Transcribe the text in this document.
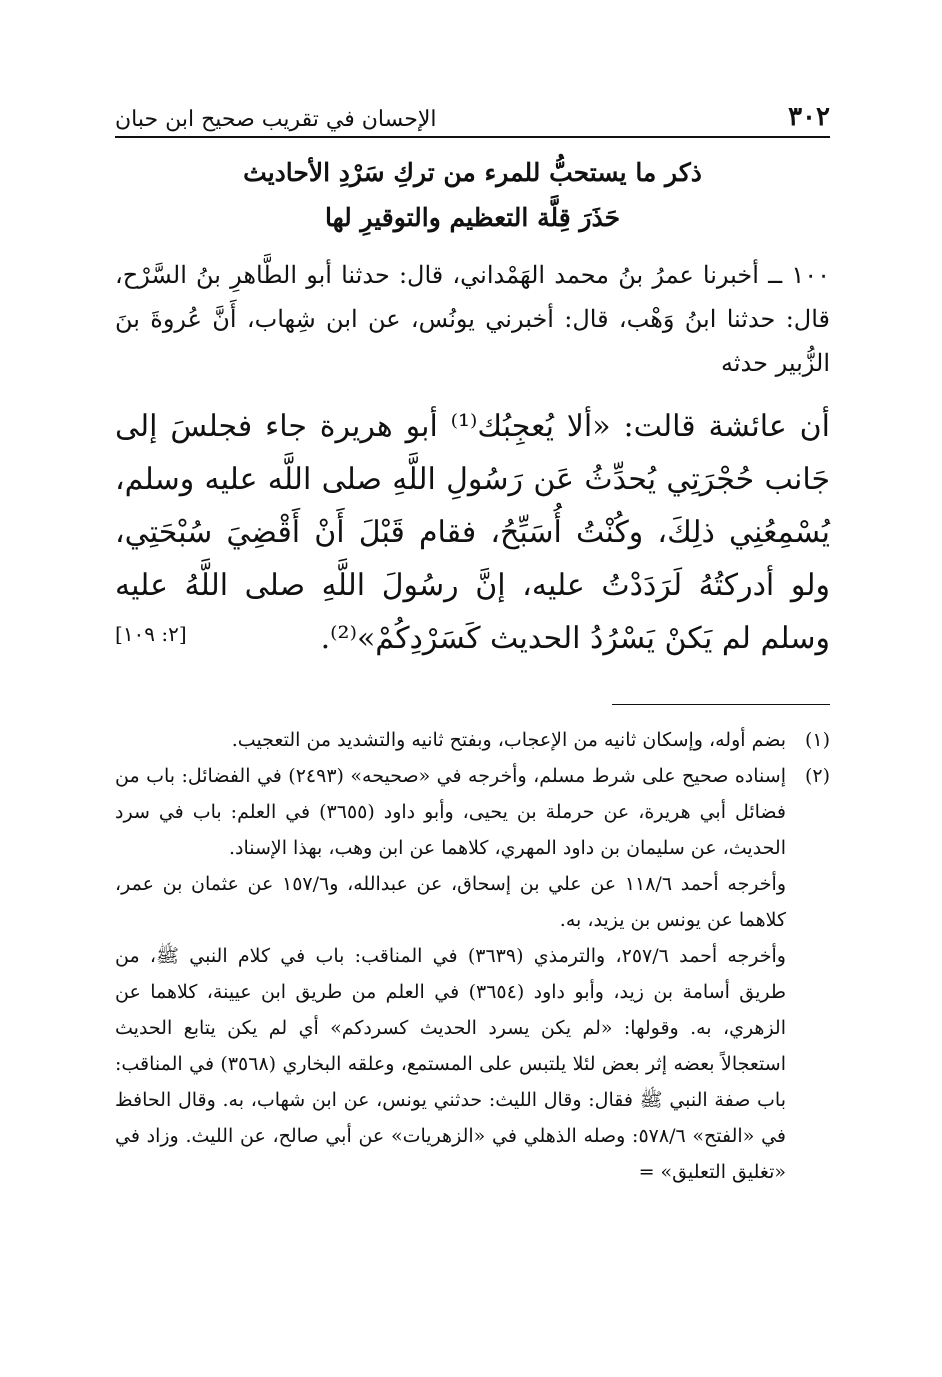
٣٠٢
الإحسان في تقريب صحيح ابن حبان
ذكر ما يستحبُّ للمرء من تركِ سَرْدِ الأحاديث
حَذَرَ قِلَّة التعظيم والتوقيرِ لها
١٠٠ ــ أخبرنا عمرُ بنُ محمد الهَمْداني، قال: حدثنا أبو الطَّاهرِ بنُ السَّرْح، قال: حدثنا ابنُ وَهْب، قال: أخبرني يونُس، عن ابن شِهاب، أَنَّ عُروةَ بنَ الزُّبير حدثه
أن عائشة قالت: «ألا يُعجِبُك⁽¹⁾ أبو هريرة جاء فجلسَ إلى جَانب حُجْرَتِي يُحدِّثُ عَن رَسُولِ اللَّهِ صلى اللَّه عليه وسلم، يُسْمِعُنِي ذلِكَ، وكُنْتُ أُسَبِّحُ، فقام قَبْلَ أَنْ أَقْضِيَ سُبْحَتِي، ولو أدركتُهُ لَرَدَدْتُ عليه، إنَّ رسُولَ اللَّهِ صلى اللَّهُ عليه وسلم لم يَكنْ يَسْرُدُ الحديث كَسَرْدِكُمْ»⁽²⁾.
[٢: ١٠٩]
(١)

بضم أوله، وإسكان ثانيه من الإعجاب، وبفتح ثانيه والتشديد من التعجيب.

(٢)

إسناده صحيح على شرط مسلم، وأخرجه في «صحيحه» (٢٤٩٣) في الفضائل: باب من فضائل أبي هريرة، عن حرملة بن يحيى، وأبو داود (٣٦٥٥) في العلم: باب في سرد الحديث، عن سليمان بن داود المهري، كلاهما عن ابن وهب، بهذا الإسناد.

وأخرجه أحمد ١١٨/٦ عن علي بن إسحاق، عن عبدالله، و١٥٧/٦ عن عثمان بن عمر، كلاهما عن يونس بن يزيد، به.

وأخرجه أحمد ٢٥٧/٦، والترمذي (٣٦٣٩) في المناقب: باب في كلام النبي ﷺ، من طريق أسامة بن زيد، وأبو داود (٣٦٥٤) في العلم من طريق ابن عيينة، كلاهما عن الزهري، به. وقولها: «لم يكن يسرد الحديث كسردكم» أي لم يكن يتابع الحديث استعجالاً بعضه إثر بعض لئلا يلتبس على المستمع، وعلقه البخاري (٣٥٦٨) في المناقب: باب صفة النبي ﷺ فقال: وقال الليث: حدثني يونس، عن ابن شهاب، به. وقال الحافظ في «الفتح» ٥٧٨/٦: وصله الذهلي في «الزهريات» عن أبي صالح، عن الليث. وزاد في «تغليق التعليق» =
